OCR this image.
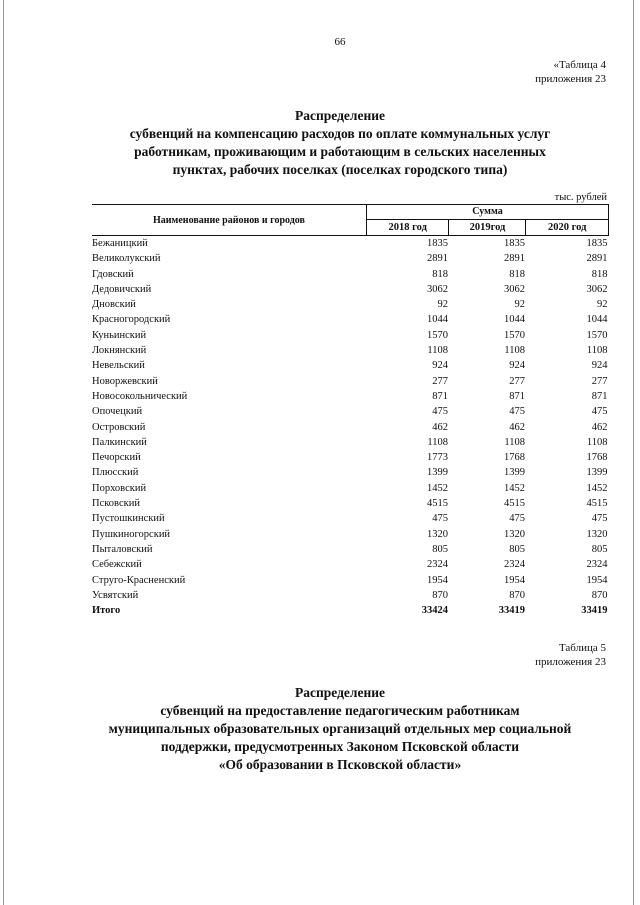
66
«Таблица 4
приложения 23
Распределение
субвенций на компенсацию расходов по оплате коммунальных услуг
работникам, проживающим и работающим в сельских населенных
пунктах, рабочих поселках (поселках городского типа)
тыс. рублей
Наименование районов и городов	Сумма		
	2018 год	2019год	2020 год
Бежаницкий	1835	1835	1835
Великолукский	2891	2891	2891
Гдовский	818	818	818
Дедовичский	3062	3062	3062
Дновский	92	92	92
Красногородский	1044	1044	1044
Куньинский	1570	1570	1570
Локнянский	1108	1108	1108
Невельский	924	924	924
Новоржевский	277	277	277
Новосокольнический	871	871	871
Опочецкий	475	475	475
Островский	462	462	462
Палкинский	1108	1108	1108
Печорский	1773	1768	1768
Плюсский	1399	1399	1399
Порховский	1452	1452	1452
Псковский	4515	4515	4515
Пустошкинский	475	475	475
Пушкиногорский	1320	1320	1320
Пыталовский	805	805	805
Себежский	2324	2324	2324
Струго-Красненский	1954	1954	1954
Усвятский	870	870	870
Итого	33424	33419	33419
Таблица 5
приложения 23
Распределение
субвенций на предоставление педагогическим работникам
муниципальных образовательных организаций отдельных мер социальной
поддержки, предусмотренных Законом Псковской области
«Об образовании в Псковской области»
